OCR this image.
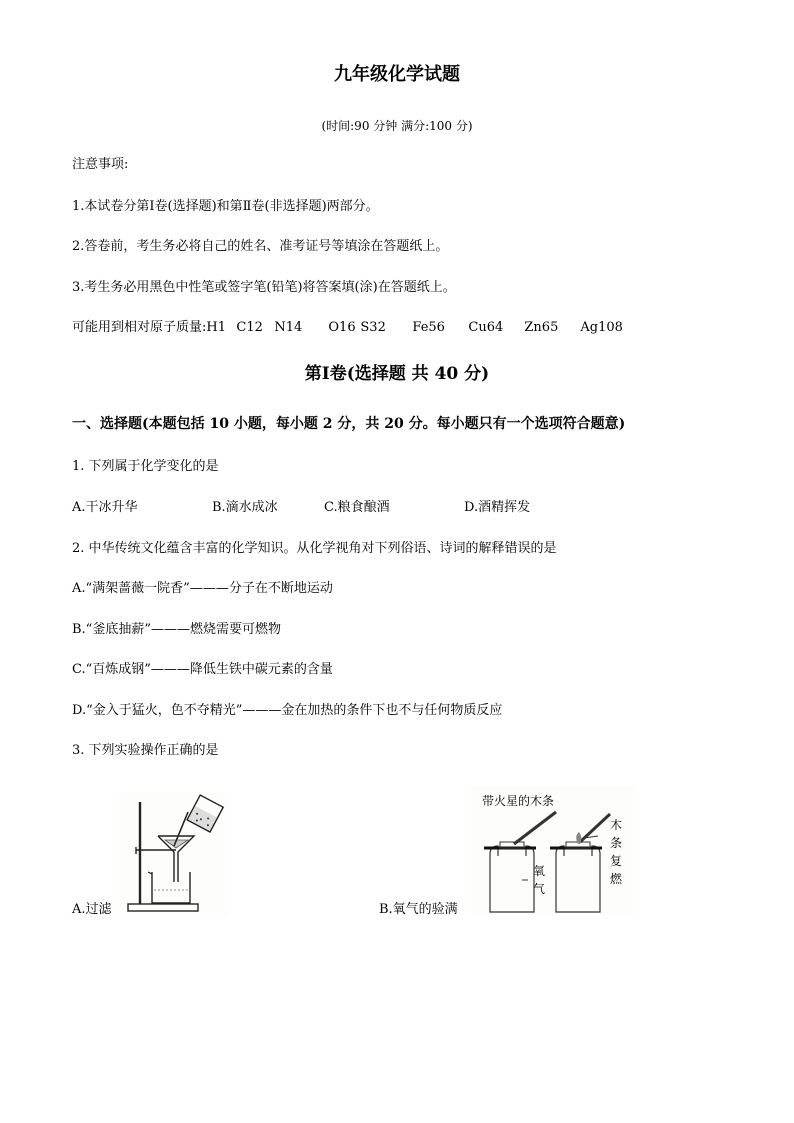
九年级化学试题
(时间:90 分钟 满分:100 分)
注意事项:
1.本试卷分第Ⅰ卷(选择题)和第Ⅱ卷(非选择题)两部分。
2.答卷前，考生务必将自己的姓名、准考证号等填涂在答题纸上。
3.考生务必用黑色中性笔或签字笔(铅笔)将答案填(涂)在答题纸上。
可能用到相对原子质量: H1 C12 N14	O16 S32	Fe56	Cu64	Zn65	Ag108
第Ⅰ卷(选择题 共 40 分)
一、选择题(本题包括 10 小题，每小题 2 分，共 20 分。每小题只有一个选项符合题意)
1. 下列属于化学变化的是
A.干冰升华	B.滴水成冰	C.粮食酿酒	D.酒精挥发
2. 中华传统文化蕴含丰富的化学知识。从化学视角对下列俗语、诗词的解释错误的是
A.“满架蔷薇一院香”———分子在不断地运动
B.“釜底抽薪”———燃烧需要可燃物
C.“百炼成钢”———降低生铁中碳元素的含量
D.“金入于猛火，色不夺精光”———金在加热的条件下也不与任何物质反应
3. 下列实验操作正确的是
A.过滤	B.氧气的验满
带火星的木条
氧
气
木
条
复
燃
